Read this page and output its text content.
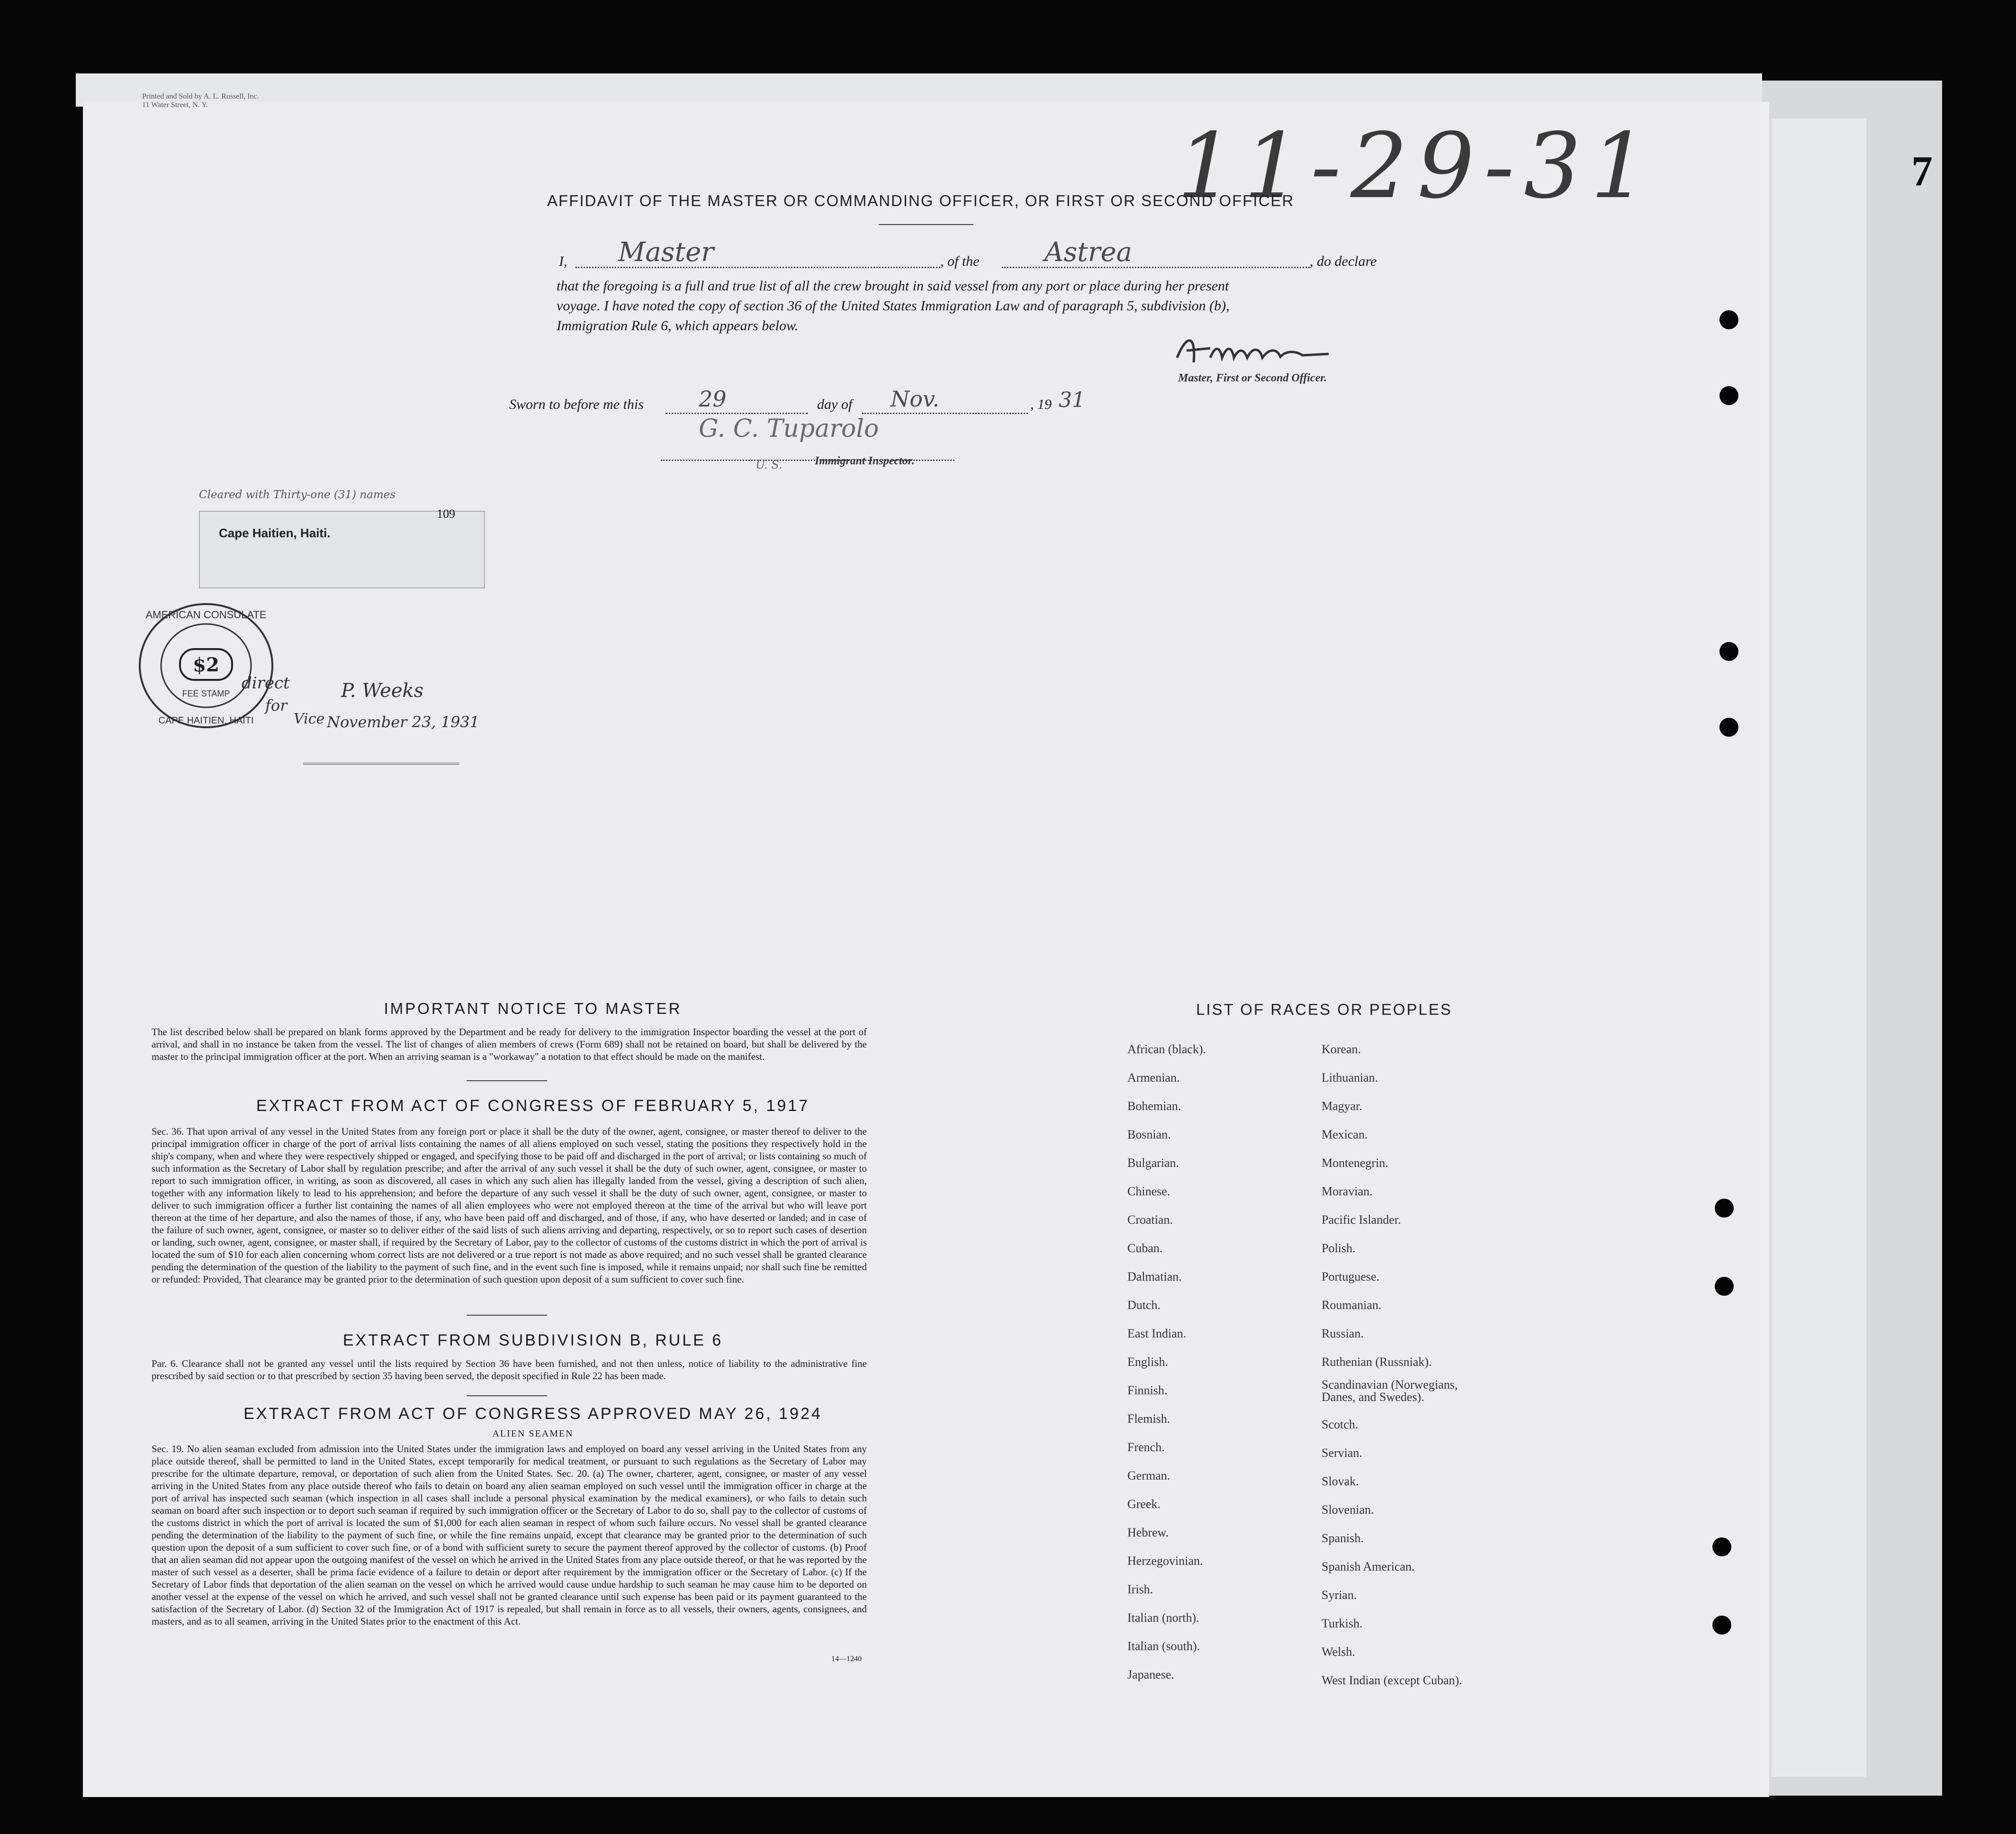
Printed and Sold by A. L. Russell, Inc.
11 Water Street, N. Y.
11-29-31	7
AFFIDAVIT OF THE MASTER OR COMMANDING OFFICER, OR FIRST OR SECOND OFFICER
I, Master	, of the Astrea	, do declare
that the foregoing is a full and true list of all the crew brought in said vessel from any port or place during her present
voyage. I have noted the copy of section 36 of the United States Immigration Law and of paragraph 5, subdivision (b),
Immigration Rule 6, which appears below.
Master, First or Second Officer.
Sworn to before me this	29	day of Nov.	, 19 31
G. C. Tuparolo
U. S.	Immigrant Inspector.
Cleared with Thirty-one (31) names
109
Cape Haitien, Haiti.
direct
for
P. Weeks
Vice November 23, 1931
$2
FEE STAMP
AMERICAN CONSULATE
CAPE HAITIEN, HAITI
IMPORTANT NOTICE TO MASTER
The list described below shall be prepared on blank forms approved by the Department and be ready for delivery to the immigration Inspector boarding the vessel at the port of arrival, and shall in no instance be taken from the vessel. The list of changes of alien members of crews (Form 689) shall not be retained on board, but shall be delivered by the master to the principal immigration officer at the port. When an arriving seaman is a "workaway" a notation to that effect should be made on the manifest.
EXTRACT FROM ACT OF CONGRESS OF FEBRUARY 5, 1917
Sec. 36. That upon arrival of any vessel in the United States from any foreign port or place it shall be the duty of the owner, agent, consignee, or master thereof to deliver to the principal immigration officer in charge of the port of arrival lists containing the names of all aliens employed on such vessel, stating the positions they respectively hold in the ship's company, when and where they were respectively shipped or engaged, and specifying those to be paid off and discharged in the port of arrival; or lists containing so much of such information as the Secretary of Labor shall by regulation prescribe; and after the arrival of any such vessel it shall be the duty of such owner, agent, consignee, or master to report to such immigration officer, in writing, as soon as discovered, all cases in which any such alien has illegally landed from the vessel, giving a description of such alien, together with any information likely to lead to his apprehension; and before the departure of any such vessel it shall be the duty of such owner, agent, consignee, or master to deliver to such immigration officer a further list containing the names of all alien employees who were not employed thereon at the time of the arrival but who will leave port thereon at the time of her departure, and also the names of those, if any, who have been paid off and discharged, and of those, if any, who have deserted or landed; and in case of the failure of such owner, agent, consignee, or master so to deliver either of the said lists of such aliens arriving and departing, respectively, or so to report such cases of desertion or landing, such owner, agent, consignee, or master shall, if required by the Secretary of Labor, pay to the collector of customs of the customs district in which the port of arrival is located the sum of $10 for each alien concerning whom correct lists are not delivered or a true report is not made as above required; and no such vessel shall be granted clearance pending the determination of the question of the liability to the payment of such fine, and in the event such fine is imposed, while it remains unpaid; nor shall such fine be remitted or refunded: Provided, That clearance may be granted prior to the determination of such question upon deposit of a sum sufficient to cover such fine.
EXTRACT FROM SUBDIVISION B, RULE 6
Par. 6. Clearance shall not be granted any vessel until the lists required by Section 36 have been furnished, and not then unless, notice of liability to the administrative fine prescribed by said section or to that prescribed by section 35 having been served, the deposit specified in Rule 22 has been made.
EXTRACT FROM ACT OF CONGRESS APPROVED MAY 26, 1924
ALIEN SEAMEN
Sec. 19. No alien seaman excluded from admission into the United States under the immigration laws and employed on board any vessel arriving in the United States from any place outside thereof, shall be permitted to land in the United States, except temporarily for medical treatment, or pursuant to such regulations as the Secretary of Labor may prescribe for the ultimate departure, removal, or deportation of such alien from the United States. Sec. 20. (a) The owner, charterer, agent, consignee, or master of any vessel arriving in the United States from any place outside thereof who fails to detain on board any alien seaman employed on such vessel until the immigration officer in charge at the port of arrival has inspected such seaman (which inspection in all cases shall include a personal physical examination by the medical examiners), or who fails to detain such seaman on board after such inspection or to deport such seaman if required by such immigration officer or the Secretary of Labor to do so, shall pay to the collector of customs of the customs district in which the port of arrival is located the sum of $1,000 for each alien seaman in respect of whom such failure occurs. No vessel shall be granted clearance pending the determination of the liability to the payment of such fine, or while the fine remains unpaid, except that clearance may be granted prior to the determination of such question upon the deposit of a sum sufficient to cover such fine, or of a bond with sufficient surety to secure the payment thereof approved by the collector of customs. (b) Proof that an alien seaman did not appear upon the outgoing manifest of the vessel on which he arrived in the United States from any place outside thereof, or that he was reported by the master of such vessel as a deserter, shall be prima facie evidence of a failure to detain or deport after requirement by the immigration officer or the Secretary of Labor. (c) If the Secretary of Labor finds that deportation of the alien seaman on the vessel on which he arrived would cause undue hardship to such seaman he may cause him to be deported on another vessel at the expense of the vessel on which he arrived, and such vessel shall not be granted clearance until such expense has been paid or its payment guaranteed to the satisfaction of the Secretary of Labor. (d) Section 32 of the Immigration Act of 1917 is repealed, but shall remain in force as to all vessels, their owners, agents, consignees, and masters, and as to all seamen, arriving in the United States prior to the enactment of this Act.
14—1240
LIST OF RACES OR PEOPLES
African (black).
Armenian.
Bohemian.
Bosnian.
Bulgarian.
Chinese.
Croatian.
Cuban.
Dalmatian.
Dutch.
East Indian.
English.
Finnish.
Flemish.
French.
German.
Greek.
Hebrew.
Herzegovinian.
Irish.
Italian (north).
Italian (south).
Japanese.
Korean.
Lithuanian.
Magyar.
Mexican.
Montenegrin.
Moravian.
Pacific Islander.
Polish.
Portuguese.
Roumanian.
Russian.
Ruthenian (Russniak).
Scandinavian (Norwegians, Danes, and Swedes).
Scotch.
Servian.
Slovak.
Slovenian.
Spanish.
Spanish American.
Syrian.
Turkish.
Welsh.
West Indian (except Cuban).
